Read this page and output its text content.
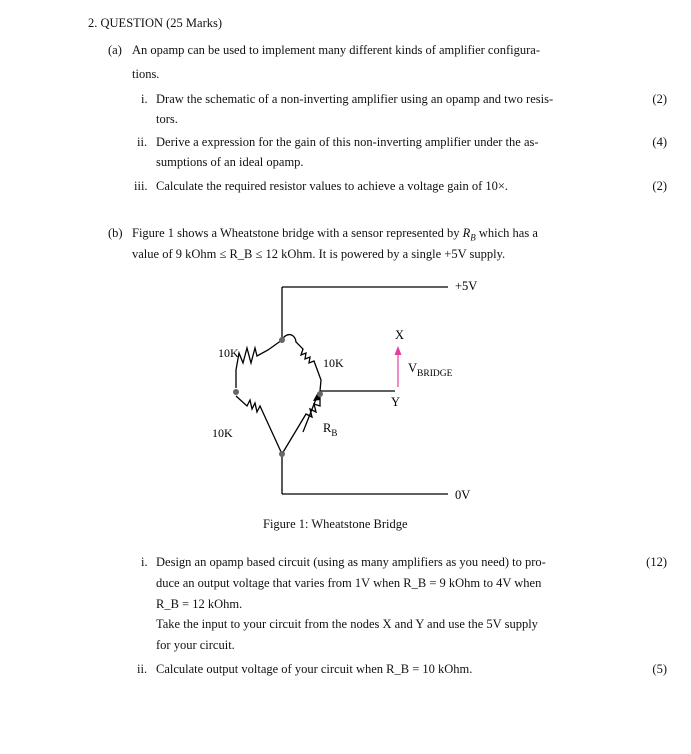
2. QUESTION (25 Marks)
(a) An opamp can be used to implement many different kinds of amplifier configura-
tions.
i. Draw the schematic of a non-inverting amplifier using an opamp and two resis-
tors.
(2)
ii. Derive a expression for the gain of this non-inverting amplifier under the as-
sumptions of an ideal opamp.
(4)
iii. Calculate the required resistor values to achieve a voltage gain of 10×.	(2)
(b) Figure 1 shows a Wheatstone bridge with a sensor represented by $R_B$ which has a
value of 9 kOhm ≤ R_B ≤ 12 kOhm. It is powered by a single +5V supply.
+5V
0V
X
Y
$V_{BRIDGE}$
10K
10K
10K	$R_B$
Figure 1: Wheatstone Bridge
i. Design an opamp based circuit (using as many amplifiers as you need) to pro-
duce an output voltage that varies from 1V when R_B = 9 kOhm to 4V when
R_B = 12 kOhm.
Take the input to your circuit from the nodes X and Y and use the 5V supply
for your circuit.
(12)
ii. Calculate output voltage of your circuit when R_B = 10 kOhm.	(5)
